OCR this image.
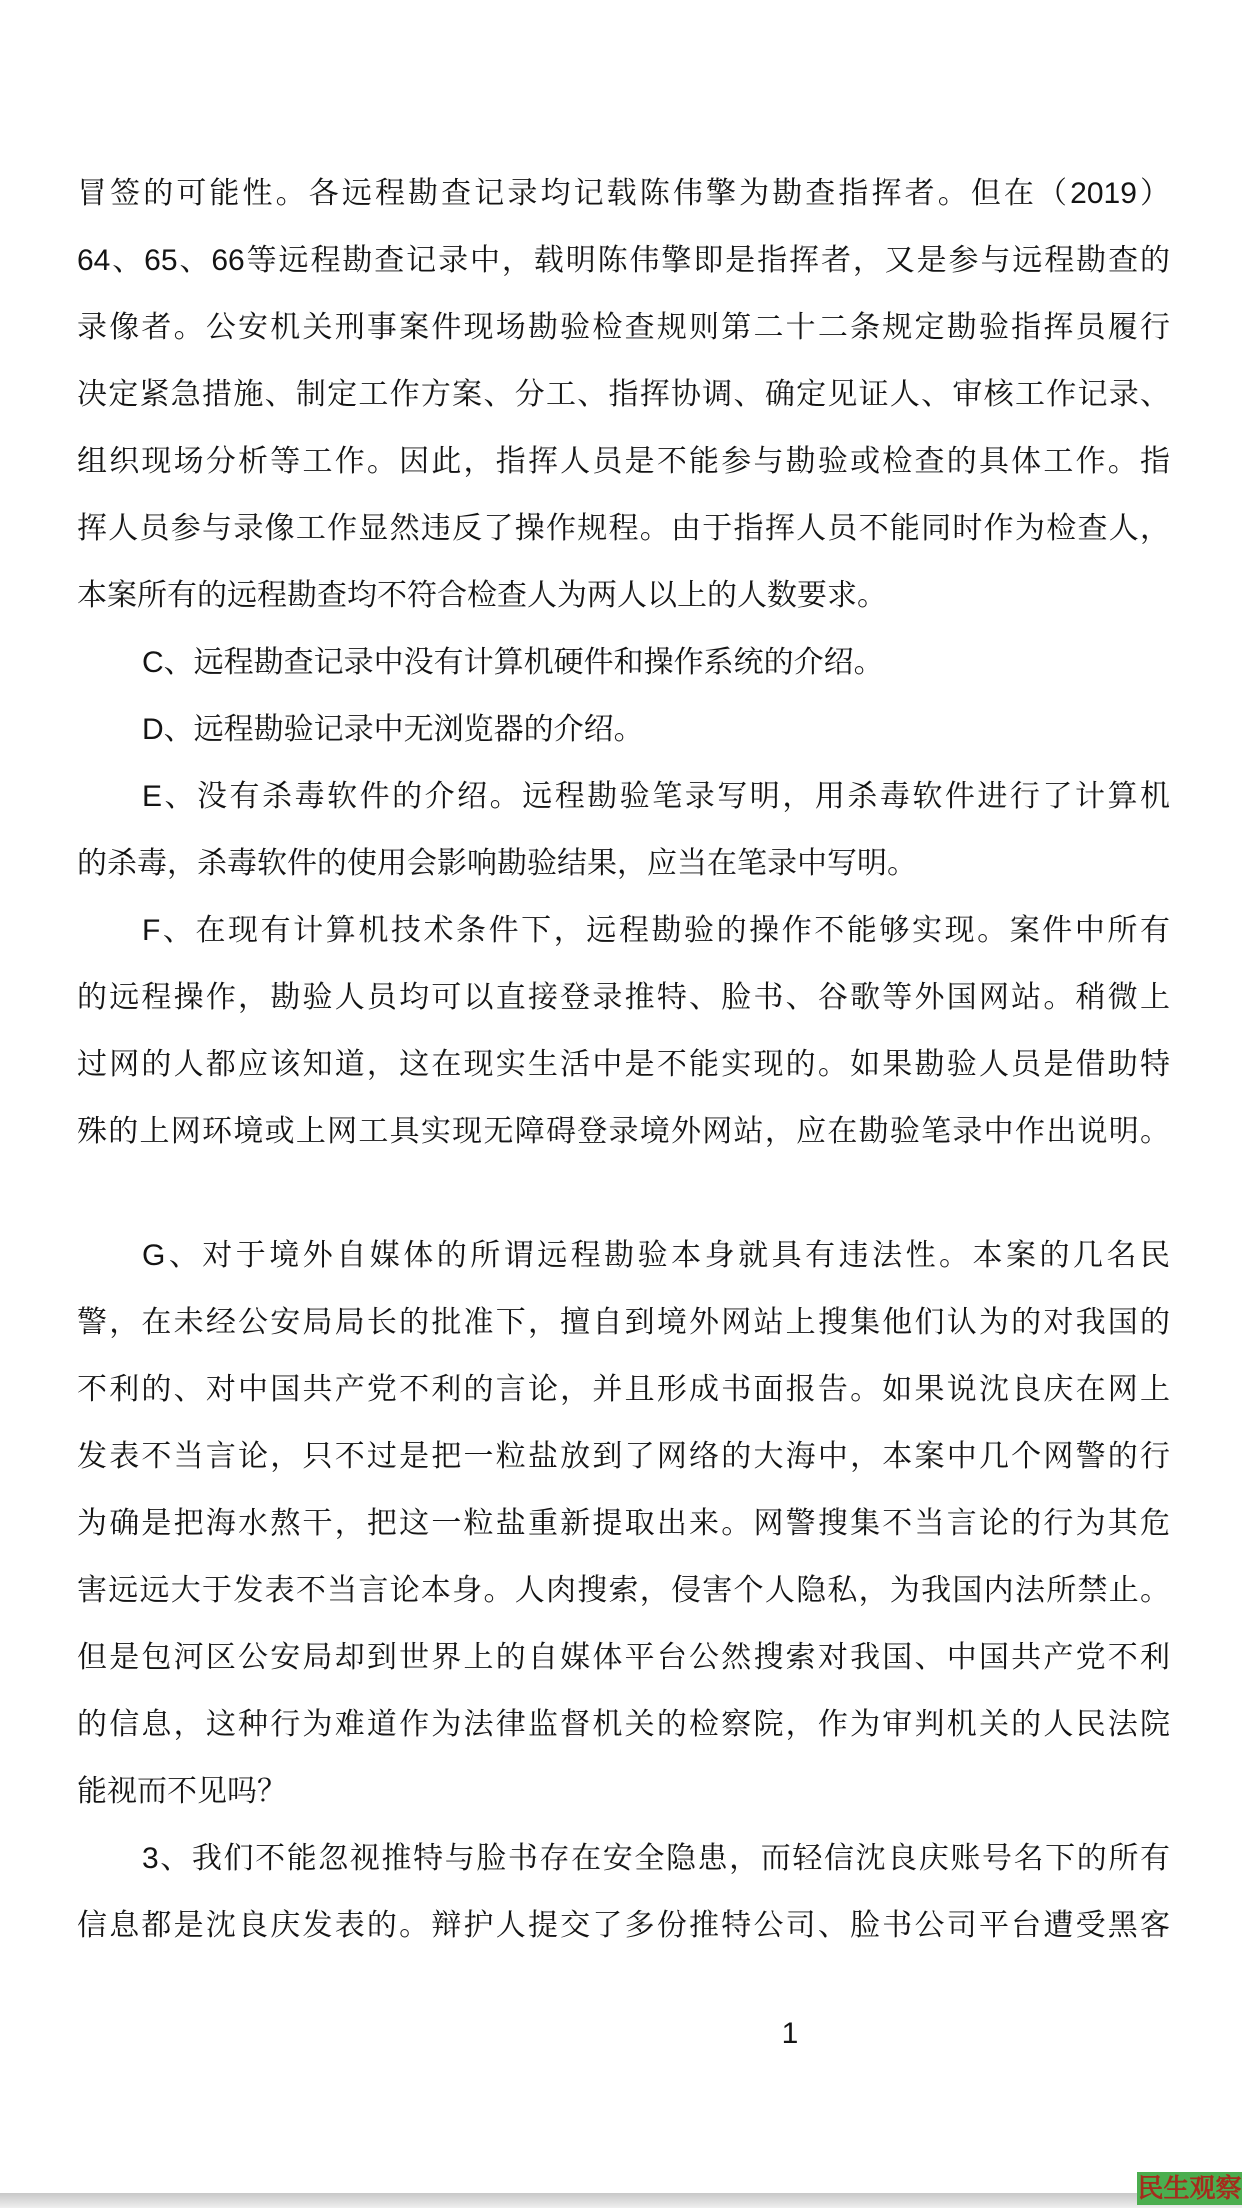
冒签的可能性。各远程勘查记录均记载陈伟擎为勘查指挥者。但在（2019）
64、65、66等远程勘查记录中，载明陈伟擎即是指挥者，又是参与远程勘查的
录像者。公安机关刑事案件现场勘验检查规则第二十二条规定勘验指挥员履行
决定紧急措施、制定工作方案、分工、指挥协调、确定见证人、审核工作记录、
组织现场分析等工作。因此，指挥人员是不能参与勘验或检查的具体工作。指
挥人员参与录像工作显然违反了操作规程。由于指挥人员不能同时作为检查人，
本案所有的远程勘查均不符合检查人为两人以上的人数要求。
C、远程勘查记录中没有计算机硬件和操作系统的介绍。
D、远程勘验记录中无浏览器的介绍。
E、没有杀毒软件的介绍。远程勘验笔录写明，用杀毒软件进行了计算机
的杀毒，杀毒软件的使用会影响勘验结果，应当在笔录中写明。
F、在现有计算机技术条件下，远程勘验的操作不能够实现。案件中所有
的远程操作，勘验人员均可以直接登录推特、脸书、谷歌等外国网站。稍微上
过网的人都应该知道，这在现实生活中是不能实现的。如果勘验人员是借助特
殊的上网环境或上网工具实现无障碍登录境外网站，应在勘验笔录中作出说明。
G、对于境外自媒体的所谓远程勘验本身就具有违法性。本案的几名民
警，在未经公安局局长的批准下，擅自到境外网站上搜集他们认为的对我国的
不利的、对中国共产党不利的言论，并且形成书面报告。如果说沈良庆在网上
发表不当言论，只不过是把一粒盐放到了网络的大海中，本案中几个网警的行
为确是把海水熬干，把这一粒盐重新提取出来。网警搜集不当言论的行为其危
害远远大于发表不当言论本身。人肉搜索，侵害个人隐私，为我国内法所禁止。
但是包河区公安局却到世界上的自媒体平台公然搜索对我国、中国共产党不利
的信息，这种行为难道作为法律监督机关的检察院，作为审判机关的人民法院
能视而不见吗？
3、我们不能忽视推特与脸书存在安全隐患，而轻信沈良庆账号名下的所有
信息都是沈良庆发表的。辩护人提交了多份推特公司、脸书公司平台遭受黑客
1
民生观察
